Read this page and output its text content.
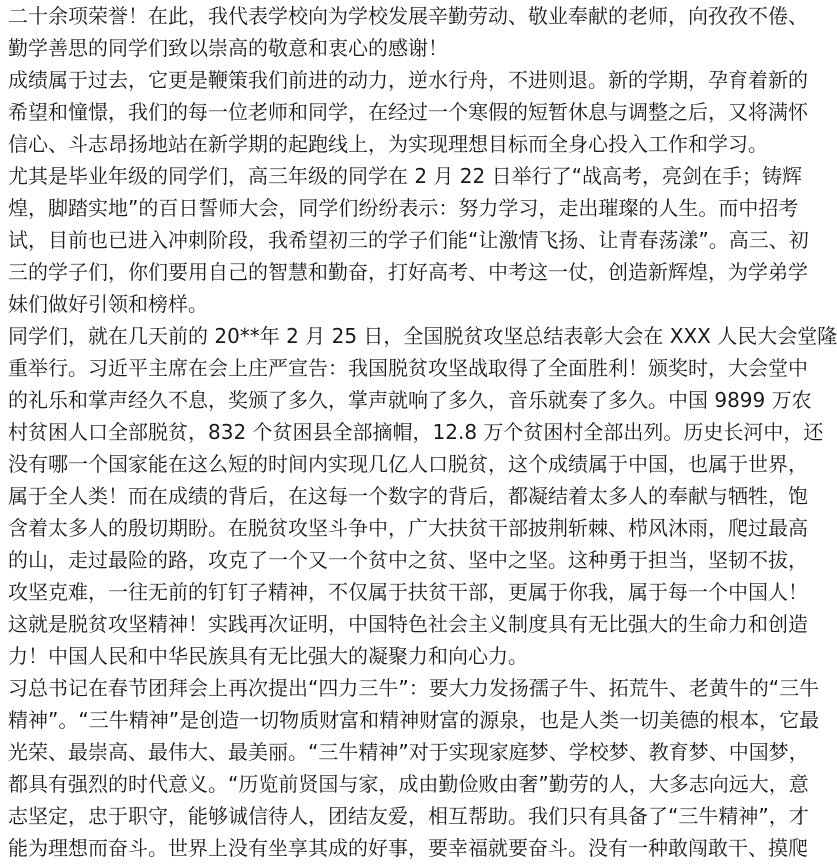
二十余项荣誉！在此，我代表学校向为学校发展辛勤劳动、敬业奉献的老师，向孜孜不倦、
勤学善思的同学们致以崇高的敬意和衷心的感谢！
成绩属于过去，它更是鞭策我们前进的动力，逆水行舟，不进则退。新的学期，孕育着新的
希望和憧憬，我们的每一位老师和同学，在经过一个寒假的短暂休息与调整之后，又将满怀
信心、斗志昂扬地站在新学期的起跑线上，为实现理想目标而全身心投入工作和学习。
尤其是毕业年级的同学们，高三年级的同学在 2 月 22 日举行了“战高考，亮剑在手；铸辉
煌，脚踏实地”的百日誓师大会，同学们纷纷表示：努力学习，走出璀璨的人生。而中招考
试，目前也已进入冲刺阶段，我希望初三的学子们能“让激情飞扬、让青春荡漾”。高三、初
三的学子们，你们要用自己的智慧和勤奋，打好高考、中考这一仗，创造新辉煌，为学弟学
妹们做好引领和榜样。
同学们，就在几天前的 20**年 2 月 25 日，全国脱贫攻坚总结表彰大会在 XXX 人民大会堂隆
重举行。习近平主席在会上庄严宣告：我国脱贫攻坚战取得了全面胜利！颁奖时，大会堂中
的礼乐和掌声经久不息，奖颁了多久，掌声就响了多久，音乐就奏了多久。中国 9899 万农
村贫困人口全部脱贫，832 个贫困县全部摘帽，12.8 万个贫困村全部出列。历史长河中，还
没有哪一个国家能在这么短的时间内实现几亿人口脱贫，这个成绩属于中国，也属于世界，
属于全人类！而在成绩的背后，在这每一个数字的背后，都凝结着太多人的奉献与牺牲，饱
含着太多人的殷切期盼。在脱贫攻坚斗争中，广大扶贫干部披荆斩棘、栉风沐雨，爬过最高
的山，走过最险的路，攻克了一个又一个贫中之贫、坚中之坚。这种勇于担当，坚韧不拔，
攻坚克难，一往无前的钉钉子精神，不仅属于扶贫干部，更属于你我，属于每一个中国人！
这就是脱贫攻坚精神！实践再次证明，中国特色社会主义制度具有无比强大的生命力和创造
力！中国人民和中华民族具有无比强大的凝聚力和向心力。
习总书记在春节团拜会上再次提出“四力三牛”：要大力发扬孺子牛、拓荒牛、老黄牛的“三牛
精神”。“三牛精神”是创造一切物质财富和精神财富的源泉，也是人类一切美德的根本，它最
光荣、最崇高、最伟大、最美丽。“三牛精神”对于实现家庭梦、学校梦、教育梦、中国梦，
都具有强烈的时代意义。“历览前贤国与家，成由勤俭败由奢”勤劳的人，大多志向远大，意
志坚定，忠于职守，能够诚信待人，团结友爱，相互帮助。我们只有具备了“三牛精神”，才
能为理想而奋斗。世界上没有坐享其成的好事，要幸福就要奋斗。没有一种敢闯敢干、摸爬
